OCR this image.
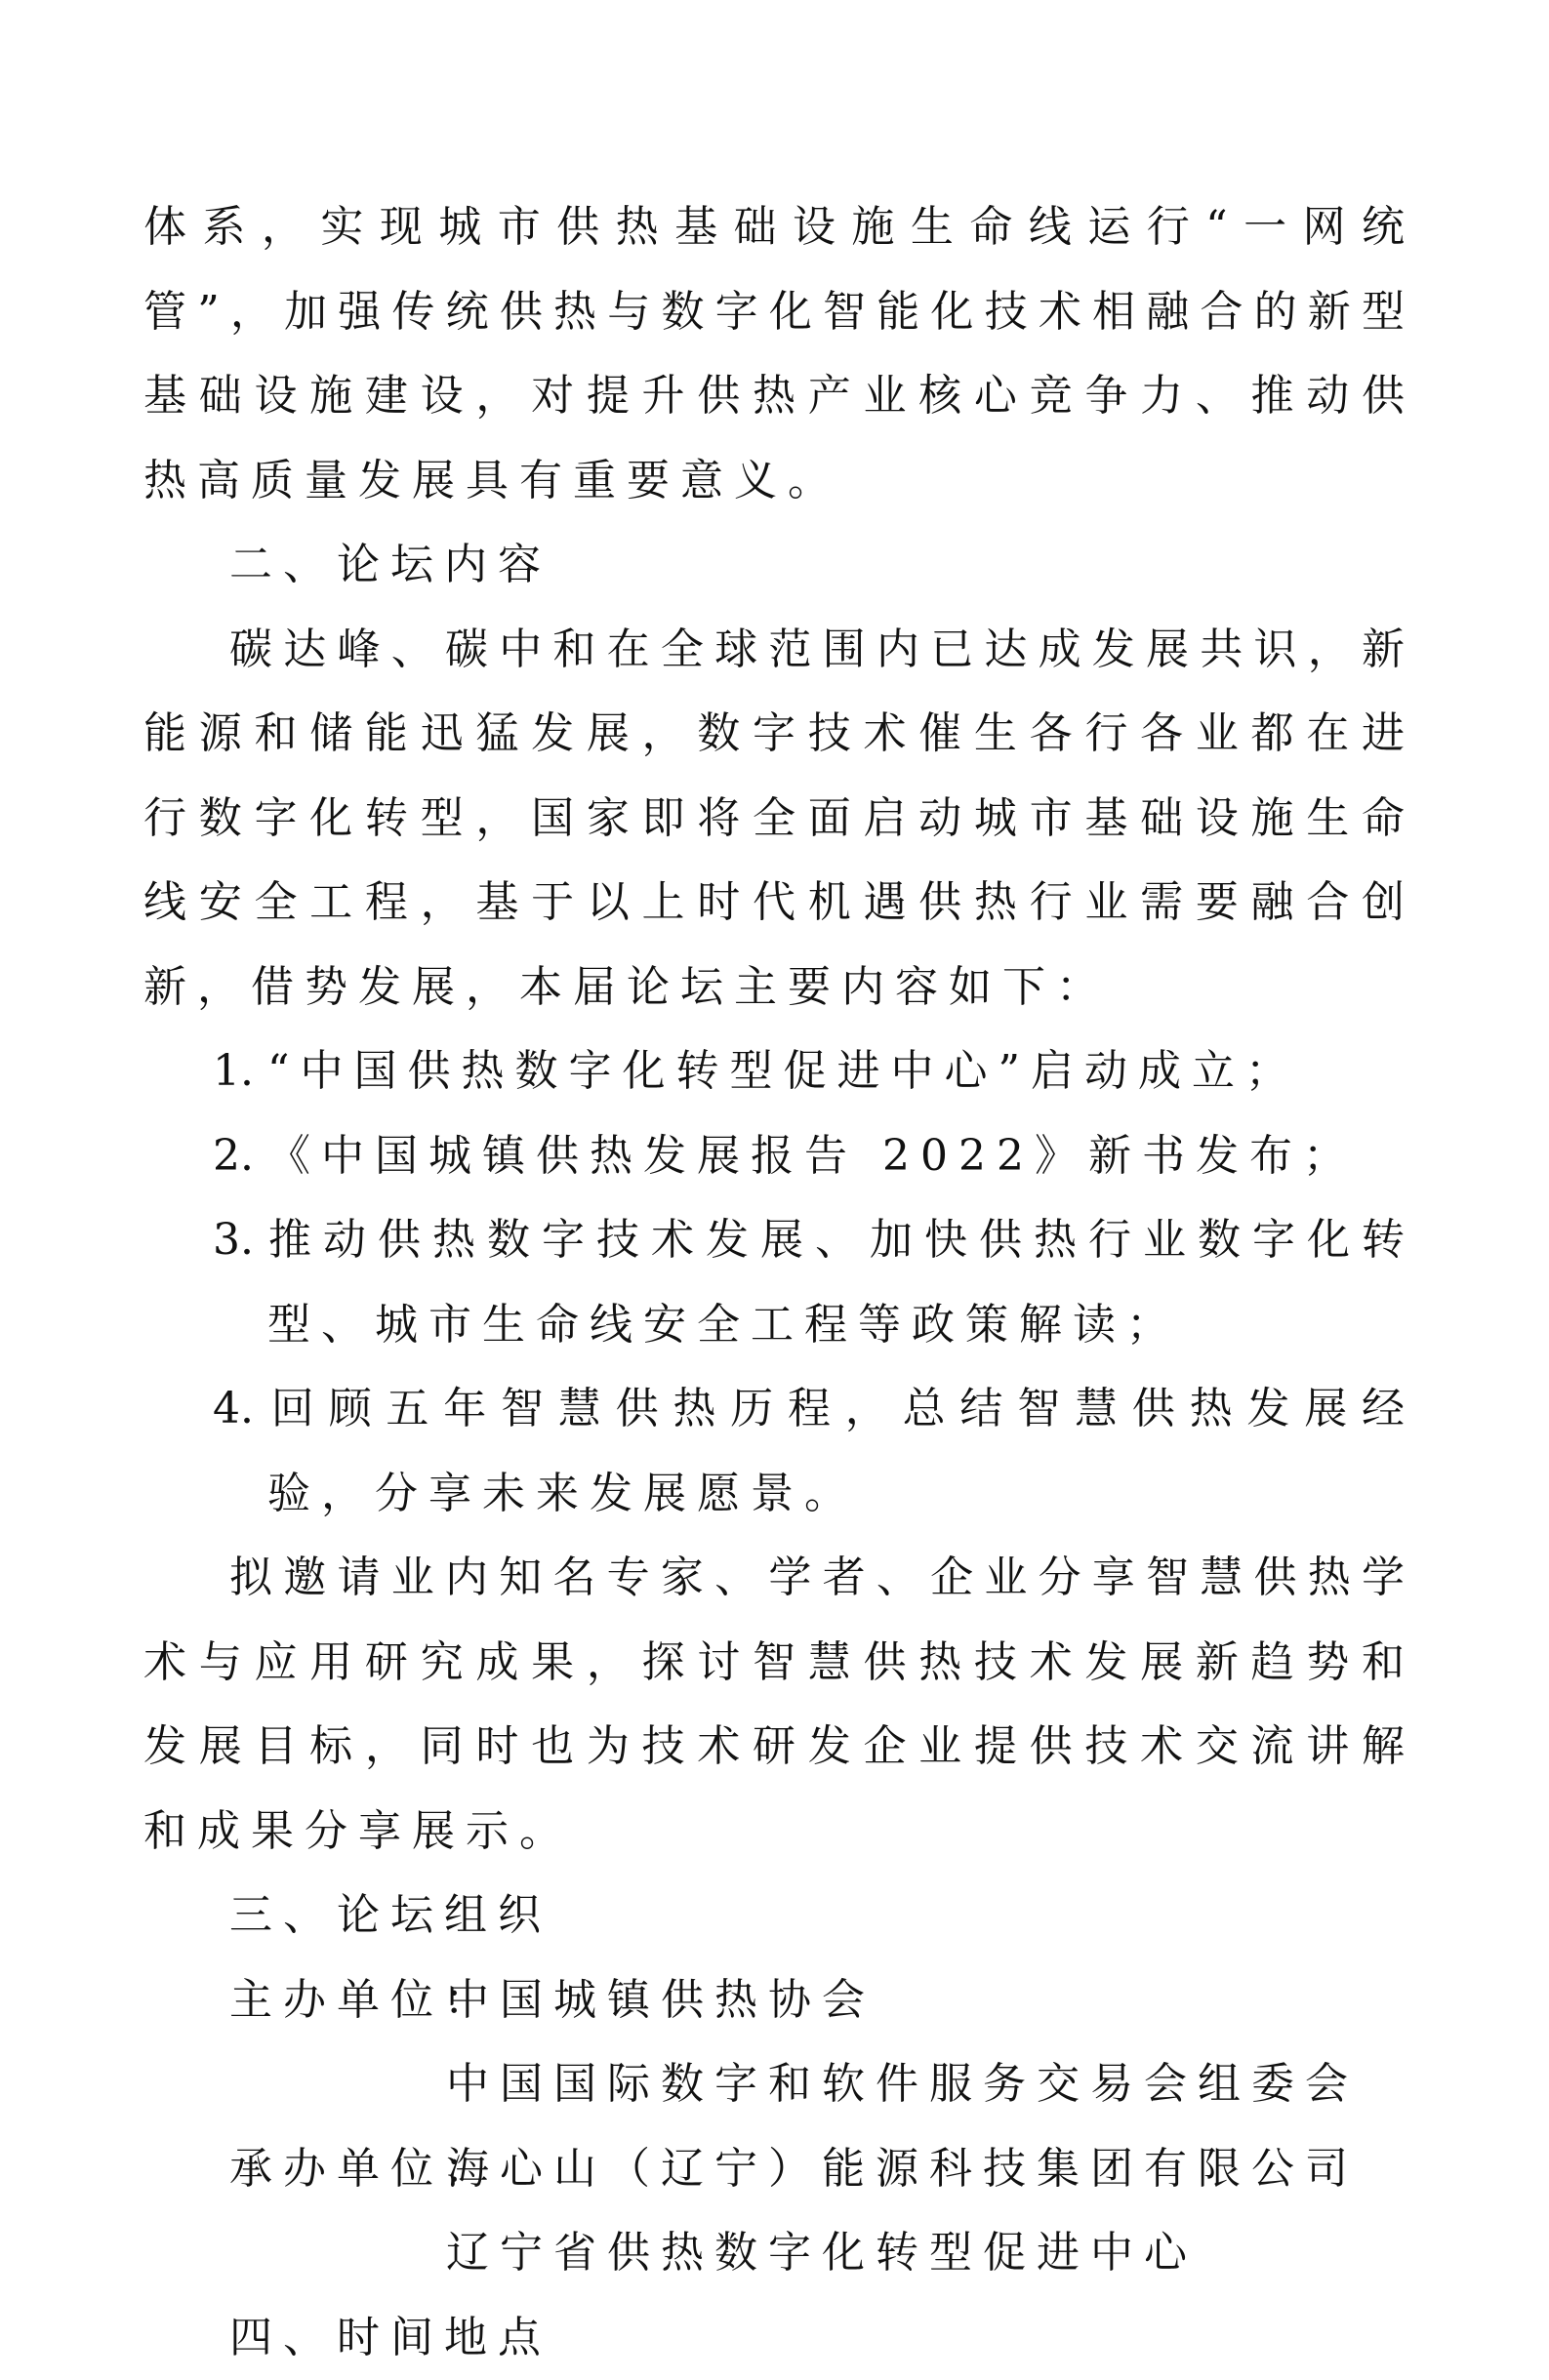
体系，实现城市供热基础设施生命线运行“一网统管”，加强传统供热与数字化智能化技术相融合的新型基础设施建设，对提升供热产业核心竞争力、推动供热高质量发展具有重要意义。

二、论坛内容

碳达峰、碳中和在全球范围内已达成发展共识，新能源和储能迅猛发展，数字技术催生各行各业都在进行数字化转型，国家即将全面启动城市基础设施生命线安全工程，基于以上时代机遇供热行业需要融合创新，借势发展，本届论坛主要内容如下：

1. “中国供热数字化转型促进中心”启动成立；

2. 《中国城镇供热发展报告 2022》新书发布；

3. 推动供热数字技术发展、加快供热行业数字化转型、城市生命线安全工程等政策解读；

4. 回顾五年智慧供热历程，总结智慧供热发展经验，分享未来发展愿景。

拟邀请业内知名专家、学者、企业分享智慧供热学术与应用研究成果，探讨智慧供热技术发展新趋势和发展目标，同时也为技术研发企业提供技术交流讲解和成果分享展示。

三、论坛组织

主办单位：中国城镇供热协会

中国国际数字和软件服务交易会组委会

承办单位：海心山（辽宁）能源科技集团有限公司

辽宁省供热数字化转型促进中心

四、时间地点
